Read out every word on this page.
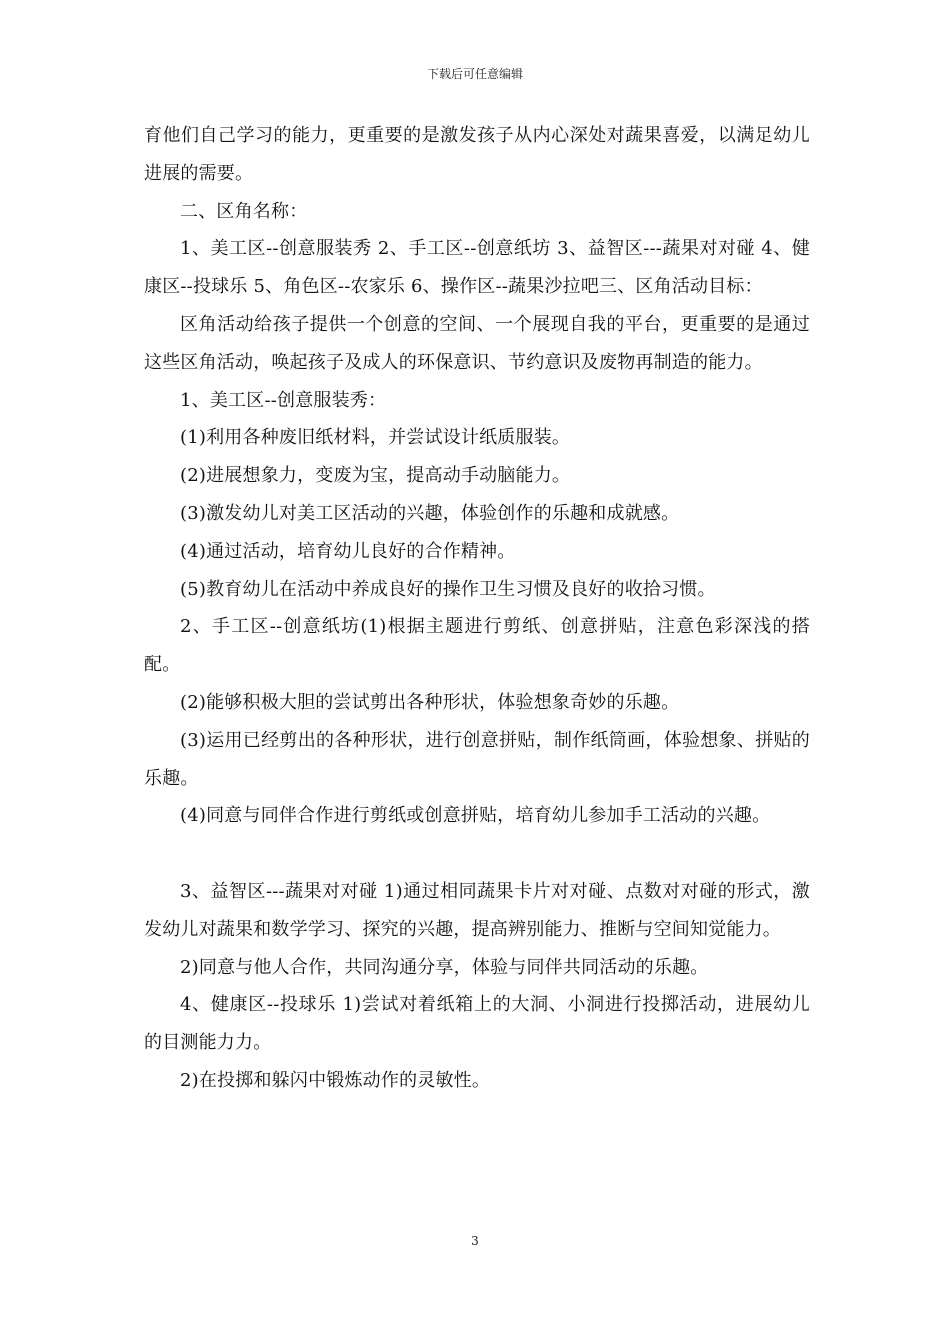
下载后可任意编辑

育他们自己学习的能力，更重要的是激发孩子从内心深处对蔬果喜爱，以满足幼儿进展的需要。

二、区角名称：

1、美工区--创意服装秀 2、手工区--创意纸坊 3、益智区---蔬果对对碰 4、健康区--投球乐 5、角色区--农家乐 6、操作区--蔬果沙拉吧三、区角活动目标：

区角活动给孩子提供一个创意的空间、一个展现自我的平台，更重要的是通过这些区角活动，唤起孩子及成人的环保意识、节约意识及废物再制造的能力。

1、美工区--创意服装秀：

(1)利用各种废旧纸材料，并尝试设计纸质服装。

(2)进展想象力，变废为宝，提高动手动脑能力。

(3)激发幼儿对美工区活动的兴趣，体验创作的乐趣和成就感。

(4)通过活动，培育幼儿良好的合作精神。

(5)教育幼儿在活动中养成良好的操作卫生习惯及良好的收拾习惯。

2、手工区--创意纸坊(1)根据主题进行剪纸、创意拼贴，注意色彩深浅的搭配。

(2)能够积极大胆的尝试剪出各种形状，体验想象奇妙的乐趣。

(3)运用已经剪出的各种形状，进行创意拼贴，制作纸筒画，体验想象、拼贴的乐趣。

(4)同意与同伴合作进行剪纸或创意拼贴，培育幼儿参加手工活动的兴趣。

3、益智区---蔬果对对碰 1)通过相同蔬果卡片对对碰、点数对对碰的形式，激发幼儿对蔬果和数学学习、探究的兴趣，提高辨别能力、推断与空间知觉能力。

2)同意与他人合作，共同沟通分享，体验与同伴共同活动的乐趣。

4、健康区--投球乐 1)尝试对着纸箱上的大洞、小洞进行投掷活动，进展幼儿的目测能力力。

2)在投掷和躲闪中锻炼动作的灵敏性。

3
